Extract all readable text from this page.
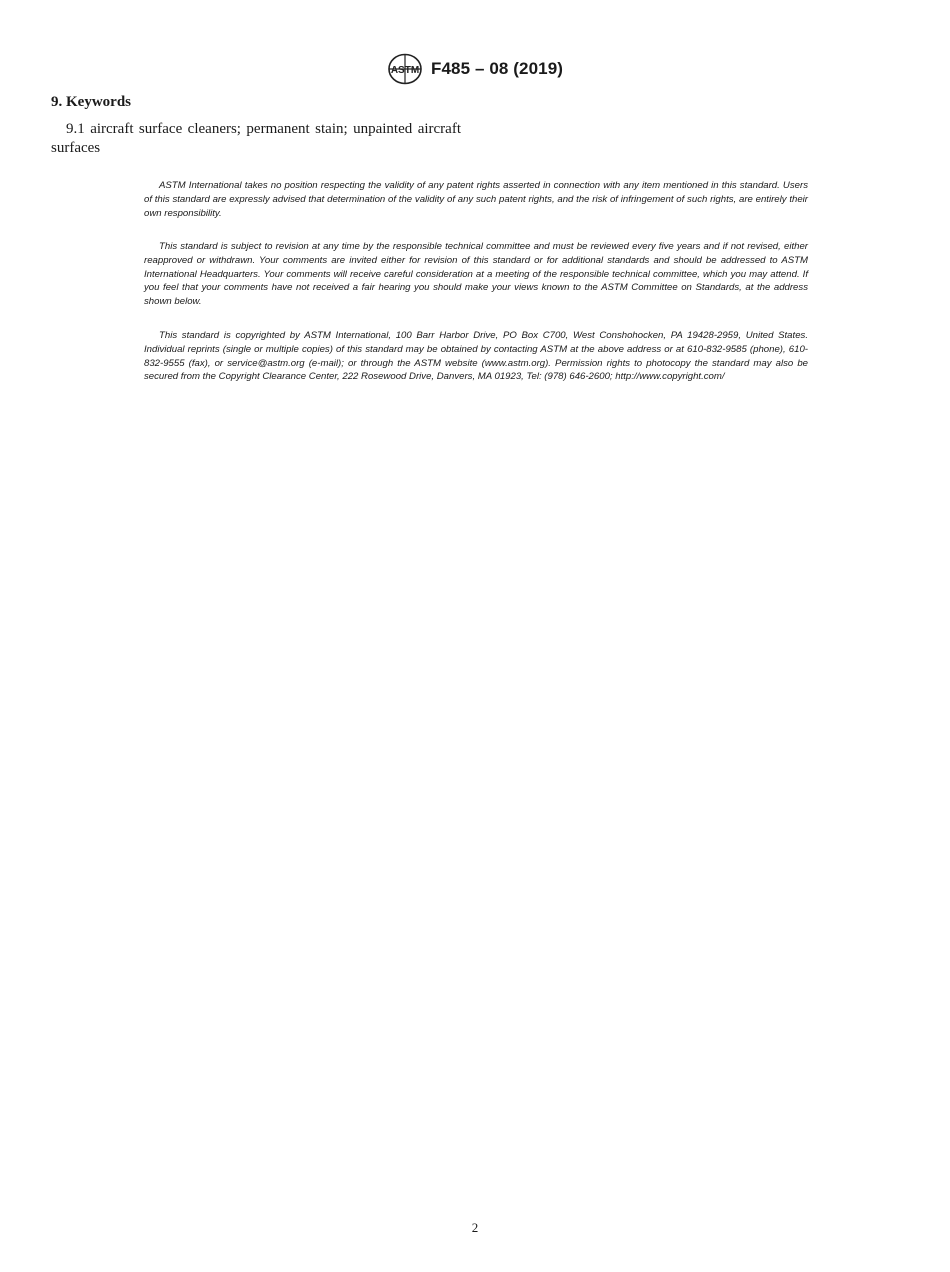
ASTM F485 – 08 (2019)
9. Keywords

9.1 aircraft surface cleaners; permanent stain; unpainted aircraft surfaces

ASTM International takes no position respecting the validity of any patent rights asserted in connection with any item mentioned in this standard. Users of this standard are expressly advised that determination of the validity of any such patent rights, and the risk of infringement of such rights, are entirely their own responsibility.

This standard is subject to revision at any time by the responsible technical committee and must be reviewed every five years and if not revised, either reapproved or withdrawn. Your comments are invited either for revision of this standard or for additional standards and should be addressed to ASTM International Headquarters. Your comments will receive careful consideration at a meeting of the responsible technical committee, which you may attend. If you feel that your comments have not received a fair hearing you should make your views known to the ASTM Committee on Standards, at the address shown below.

This standard is copyrighted by ASTM International, 100 Barr Harbor Drive, PO Box C700, West Conshohocken, PA 19428-2959, United States. Individual reprints (single or multiple copies) of this standard may be obtained by contacting ASTM at the above address or at 610-832-9585 (phone), 610-832-9555 (fax), or service@astm.org (e-mail); or through the ASTM website (www.astm.org). Permission rights to photocopy the standard may also be secured from the Copyright Clearance Center, 222 Rosewood Drive, Danvers, MA 01923, Tel: (978) 646-2600; http://www.copyright.com/

2
